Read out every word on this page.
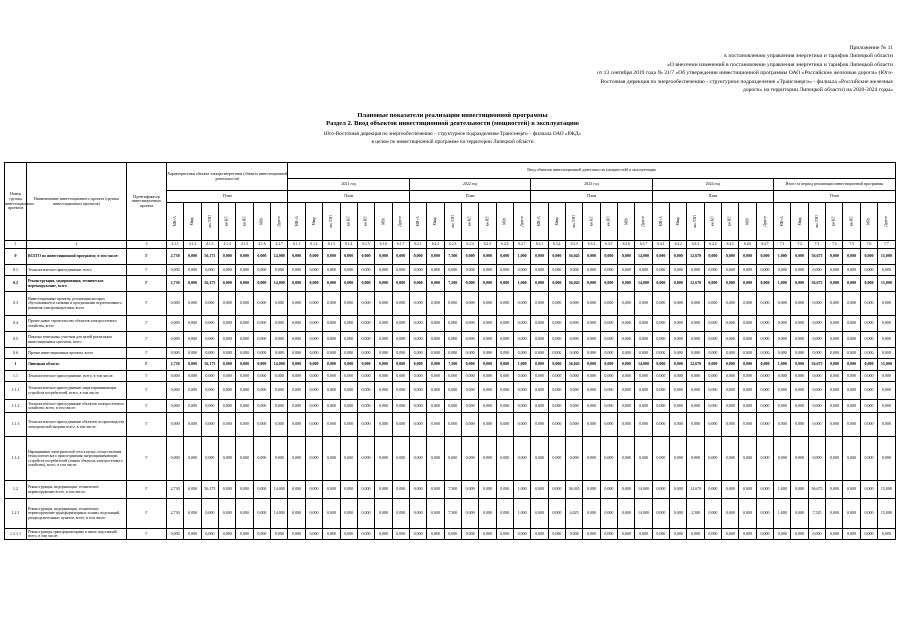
Приложение № 11
к постановлению управления энергетики и тарифов Липецкой области
«О внесении изменений в постановление управления энергетики и тарифов Липецкой области
от 13 сентября 2019 года № 31/7 «Об утверждении инвестиционной программы ОАО «Российские железные дороги» (Юго-
Восточная дирекция по энергообеспечению - структурное подразделение «Трансэнерго» - филиала «Российские железные
дороги» на территории Липецкой области) на 2020-2024 годы»
Плановые показатели реализации инвестиционной программы
Раздел 2. Ввод объектов инвестиционной деятельности (мощностей) в эксплуатацию
Юго-Восточная дирекция по энергообеспечению – структурное подразделение Трансэнерго – филиала ОАО «РЖД»
в целом по инвестиционной программе на территории Липецкой области
Номер группы инвестиционных проектов	Наименование инвестиционного проекта (группы инвестиционных проектов)	Идентификатор инвестиционного проекта	Характеристики объекта электроэнергетики (объекта инвестиционной деятельности)							Ввод объектов инвестиционной деятельности (мощностей) в эксплуатацию																																		
										2021 год							2022 год							2023 год							2024 год							Итого за период реализации инвестиционной программы						
			План							План							План							План							План							План						
			МВ×А	Мвар	км ЛЭП	км КЛ	км ВЛ	МВт	Другое	МВ×А	Мвар	км ЛЭП	км КЛ	км ВЛ	МВт	Другое	МВ×А	Мвар	км ЛЭП	км КЛ	км ВЛ	МВт	Другое	МВ×А	Мвар	км ЛЭП	км КЛ	км ВЛ	МВт	Другое	МВ×А	Мвар	км ЛЭП	км КЛ	км ВЛ	МВт	Другое	МВ×А	Мвар	км ЛЭП	км КЛ	км ВЛ	МВт	Другое
1	2	3	4.1.1	4.1.2	4.1.3	4.1.4	4.1.5	4.1.6	4.1.7	6.1.1	6.1.2	6.1.3	6.1.4	6.1.5	6.1.6	6.1.7	6.2.1	6.2.2	6.2.3	6.2.4	6.2.5	6.2.6	6.2.7	6.3.1	6.3.2	6.3.3	6.3.4	6.3.5	6.3.6	6.3.7	6.4.1	6.4.2	6.4.3	6.4.4	6.4.5	6.4.6	6.4.7	7.1	7.2	7.3	7.4	7.5	7.6	7.7
0	ВСЕГО по инвестиционной программе, в том числе:	Г	2,730	0,000	56,175	0,000	0,000	0,000	14,000	0,000	0,000	0,000	0,000	0,000	0,000	0,000	0,000	0,000	7,500	0,000	0,000	0,000	1,000	0,000	0,000	36,045	0,000	0,000	0,000	14,000	0,000	0,000	12,670	0,000	0,000	0,000	0,000	1,000	0,000	56,675	0,000	0,000	0,000	15,000
0.1	Технологическое присоединение, всего	Г	0,000	0,000	0,000	0,000	0,000	0,000	0,000	0,000	0,000	0,000	0,000	0,000	0,000	0,000	0,000	0,000	0,000	0,000	0,000	0,000	0,000	0,000	0,000	0,000	0,000	0,000	0,000	0,000	0,000	0,000	0,000	0,000	0,000	0,000	0,000	0,000	0,000	0,000	0,000	0,000	0,000	0,000
0.2	Реконструкция, модернизация, техническое перевооружение, всего	Г	2,730	0,000	56,175	0,000	0,000	0,000	14,000	0,000	0,000	0,000	0,000	0,000	0,000	0,000	0,000	0,000	7,500	0,000	0,000	0,000	1,000	0,000	0,000	36,045	0,000	0,000	0,000	14,000	0,000	0,000	12,670	0,000	0,000	0,000	0,000	1,000	0,000	56,675	0,000	0,000	0,000	15,000
0.3	Инвестиционные проекты, реализация которых обуславливается схемами и программами перспективного развития электроэнергетики, всего	Г	0,000	0,000	0,000	0,000	0,000	0,000	0,000	0,000	0,000	0,000	0,000	0,000	0,000	0,000	0,000	0,000	0,000	0,000	0,000	0,000	0,000	0,000	0,000	0,000	0,000	0,000	0,000	0,000	0,000	0,000	0,000	0,000	0,000	0,000	0,000	0,000	0,000	0,000	0,000	0,000	0,000	0,000
0.4	Прочее новое строительство объектов электросетевого хозяйства, всего	Г	0,000	0,000	0,000	0,000	0,000	0,000	0,000	0,000	0,000	0,000	0,000	0,000	0,000	0,000	0,000	0,000	0,000	0,000	0,000	0,000	0,000	0,000	0,000	0,000	0,000	0,000	0,000	0,000	0,000	0,000	0,000	0,000	0,000	0,000	0,000	0,000	0,000	0,000	0,000	0,000	0,000	0,000
0.5	Покупка земельных участков для целей реализации инвестиционных проектов, всего	Г	0,000	0,000	0,000	0,000	0,000	0,000	0,000	0,000	0,000	0,000	0,000	0,000	0,000	0,000	0,000	0,000	0,000	0,000	0,000	0,000	0,000	0,000	0,000	0,000	0,000	0,000	0,000	0,000	0,000	0,000	0,000	0,000	0,000	0,000	0,000	0,000	0,000	0,000	0,000	0,000	0,000	0,000
0.6	Прочие инвестиционные проекты, всего	Г	0,000	0,000	0,000	0,000	0,000	0,000	0,000	0,000	0,000	0,000	0,000	0,000	0,000	0,000	0,000	0,000	0,000	0,000	0,000	0,000	0,000	0,000	0,000	0,000	0,000	0,000	0,000	0,000	0,000	0,000	0,000	0,000	0,000	0,000	0,000	0,000	0,000	0,000	0,000	0,000	0,000	0,000
1	Липецкая область	Г	2,730	0,000	56,175	0,000	0,000	0,000	14,000	0,000	0,000	0,000	0,000	0,000	0,000	0,000	0,000	0,000	7,500	0,000	0,000	0,000	1,000	0,000	0,000	36,045	0,000	0,000	0,000	14,000	0,000	0,000	12,670	0,000	0,000	0,000	0,000	1,000	0,000	56,675	0,000	0,000	0,000	15,000
1.1	Технологическое присоединение, всего, в том числе:	Г	0,000	0,000	0,000	0,000	0,000	0,000	0,000	0,000	0,000	0,000	0,000	0,000	0,000	0,000	0,000	0,000	0,000	0,000	0,000	0,000	0,000	0,000	0,000	0,000	0,000	0,000	0,000	0,000	0,000	0,000	0,000	0,000	0,000	0,000	0,000	0,000	0,000	0,000	0,000	0,000	0,000	0,000
1.1.1	Технологическое присоединение энергопринимающих устройств потребителей, всего, в том числе:	Г	0,000	0,000	0,000	0,000	0,000	0,000	0,000	0,000	0,000	0,000	0,000	0,000	0,000	0,000	0,000	0,000	0,000	0,000	0,000	0,000	0,000	0,000	0,000	0,000	0,000	0,000	0,000	0,000	0,000	0,000	0,000	0,000	0,000	0,000	0,000	0,000	0,000	0,000	0,000	0,000	0,000	0,000
1.1.2	Технологическое присоединение объектов электросетевого хозяйства, всего, в том числе:	Г	0,000	0,000	0,000	0,000	0,000	0,000	0,000	0,000	0,000	0,000	0,000	0,000	0,000	0,000	0,000	0,000	0,000	0,000	0,000	0,000	0,000	0,000	0,000	0,000	0,000	0,000	0,000	0,000	0,000	0,000	0,000	0,000	0,000	0,000	0,000	0,000	0,000	0,000	0,000	0,000	0,000	0,000
1.1.3	Технологическое присоединение объектов по производству электрической энергии всего, в том числе:	Г	0,000	0,000	0,000	0,000	0,000	0,000	0,000	0,000	0,000	0,000	0,000	0,000	0,000	0,000	0,000	0,000	0,000	0,000	0,000	0,000	0,000	0,000	0,000	0,000	0,000	0,000	0,000	0,000	0,000	0,000	0,000	0,000	0,000	0,000	0,000	0,000	0,000	0,000	0,000	0,000	0,000	0,000
1.1.4	Наращивание электрической сети в целях осуществления технологического присоединения энергопринимающих устройств потребителей (заявок объектов электросетевого хозяйства), всего, в том числе:	Г	0,000	0,000	0,000	0,000	0,000	0,000	0,000	0,000	0,000	0,000	0,000	0,000	0,000	0,000	0,000	0,000	0,000	0,000	0,000	0,000	0,000	0,000	0,000	0,000	0,000	0,000	0,000	0,000	0,000	0,000	0,000	0,000	0,000	0,000	0,000	0,000	0,000	0,000	0,000	0,000	0,000	0,000
1.2	Реконструкция, модернизация, техническое перевооружение всего, в том числе:	Г	2,730	0,000	56,175	0,000	0,000	0,000	14,000	0,000	0,000	0,000	0,000	0,000	0,000	0,000	0,000	0,000	7,500	0,000	0,000	0,000	1,000	0,000	0,000	36,045	0,000	0,000	0,000	14,000	0,000	0,000	12,670	0,000	0,000	0,000	0,000	1,000	0,000	56,675	0,000	0,000	0,000	15,000
1.2.1	Реконструкция, модернизация, техническое перевооружение трансформаторных и иных подстанций, распределительных пунктов, всего, в том числе:	Г	2,730	0,000	0,000	0,000	0,000	0,000	14,000	0,000	0,000	0,000	0,000	0,000	0,000	0,000	0,000	0,000	7,500	0,000	0,000	0,000	1,000	0,000	0,000	4,025	0,000	0,000	0,000	14,000	0,000	0,000	2,500	0,000	0,000	0,000	0,000	1,000	0,000	7,525	0,000	0,000	0,000	15,000
1.2.1.1	Реконструкция трансформаторных и иных подстанций, всего, в том числе:	Г	0,000	0,000	0,000	0,000	0,000	0,000	0,000	0,000	0,000	0,000	0,000	0,000	0,000	0,000	0,000	0,000	0,000	0,000	0,000	0,000	0,000	0,000	0,000	0,000	0,000	0,000	0,000	0,000	0,000	0,000	0,000	0,000	0,000	0,000	0,000	0,000	0,000	0,000	0,000	0,000	0,000	0,000
